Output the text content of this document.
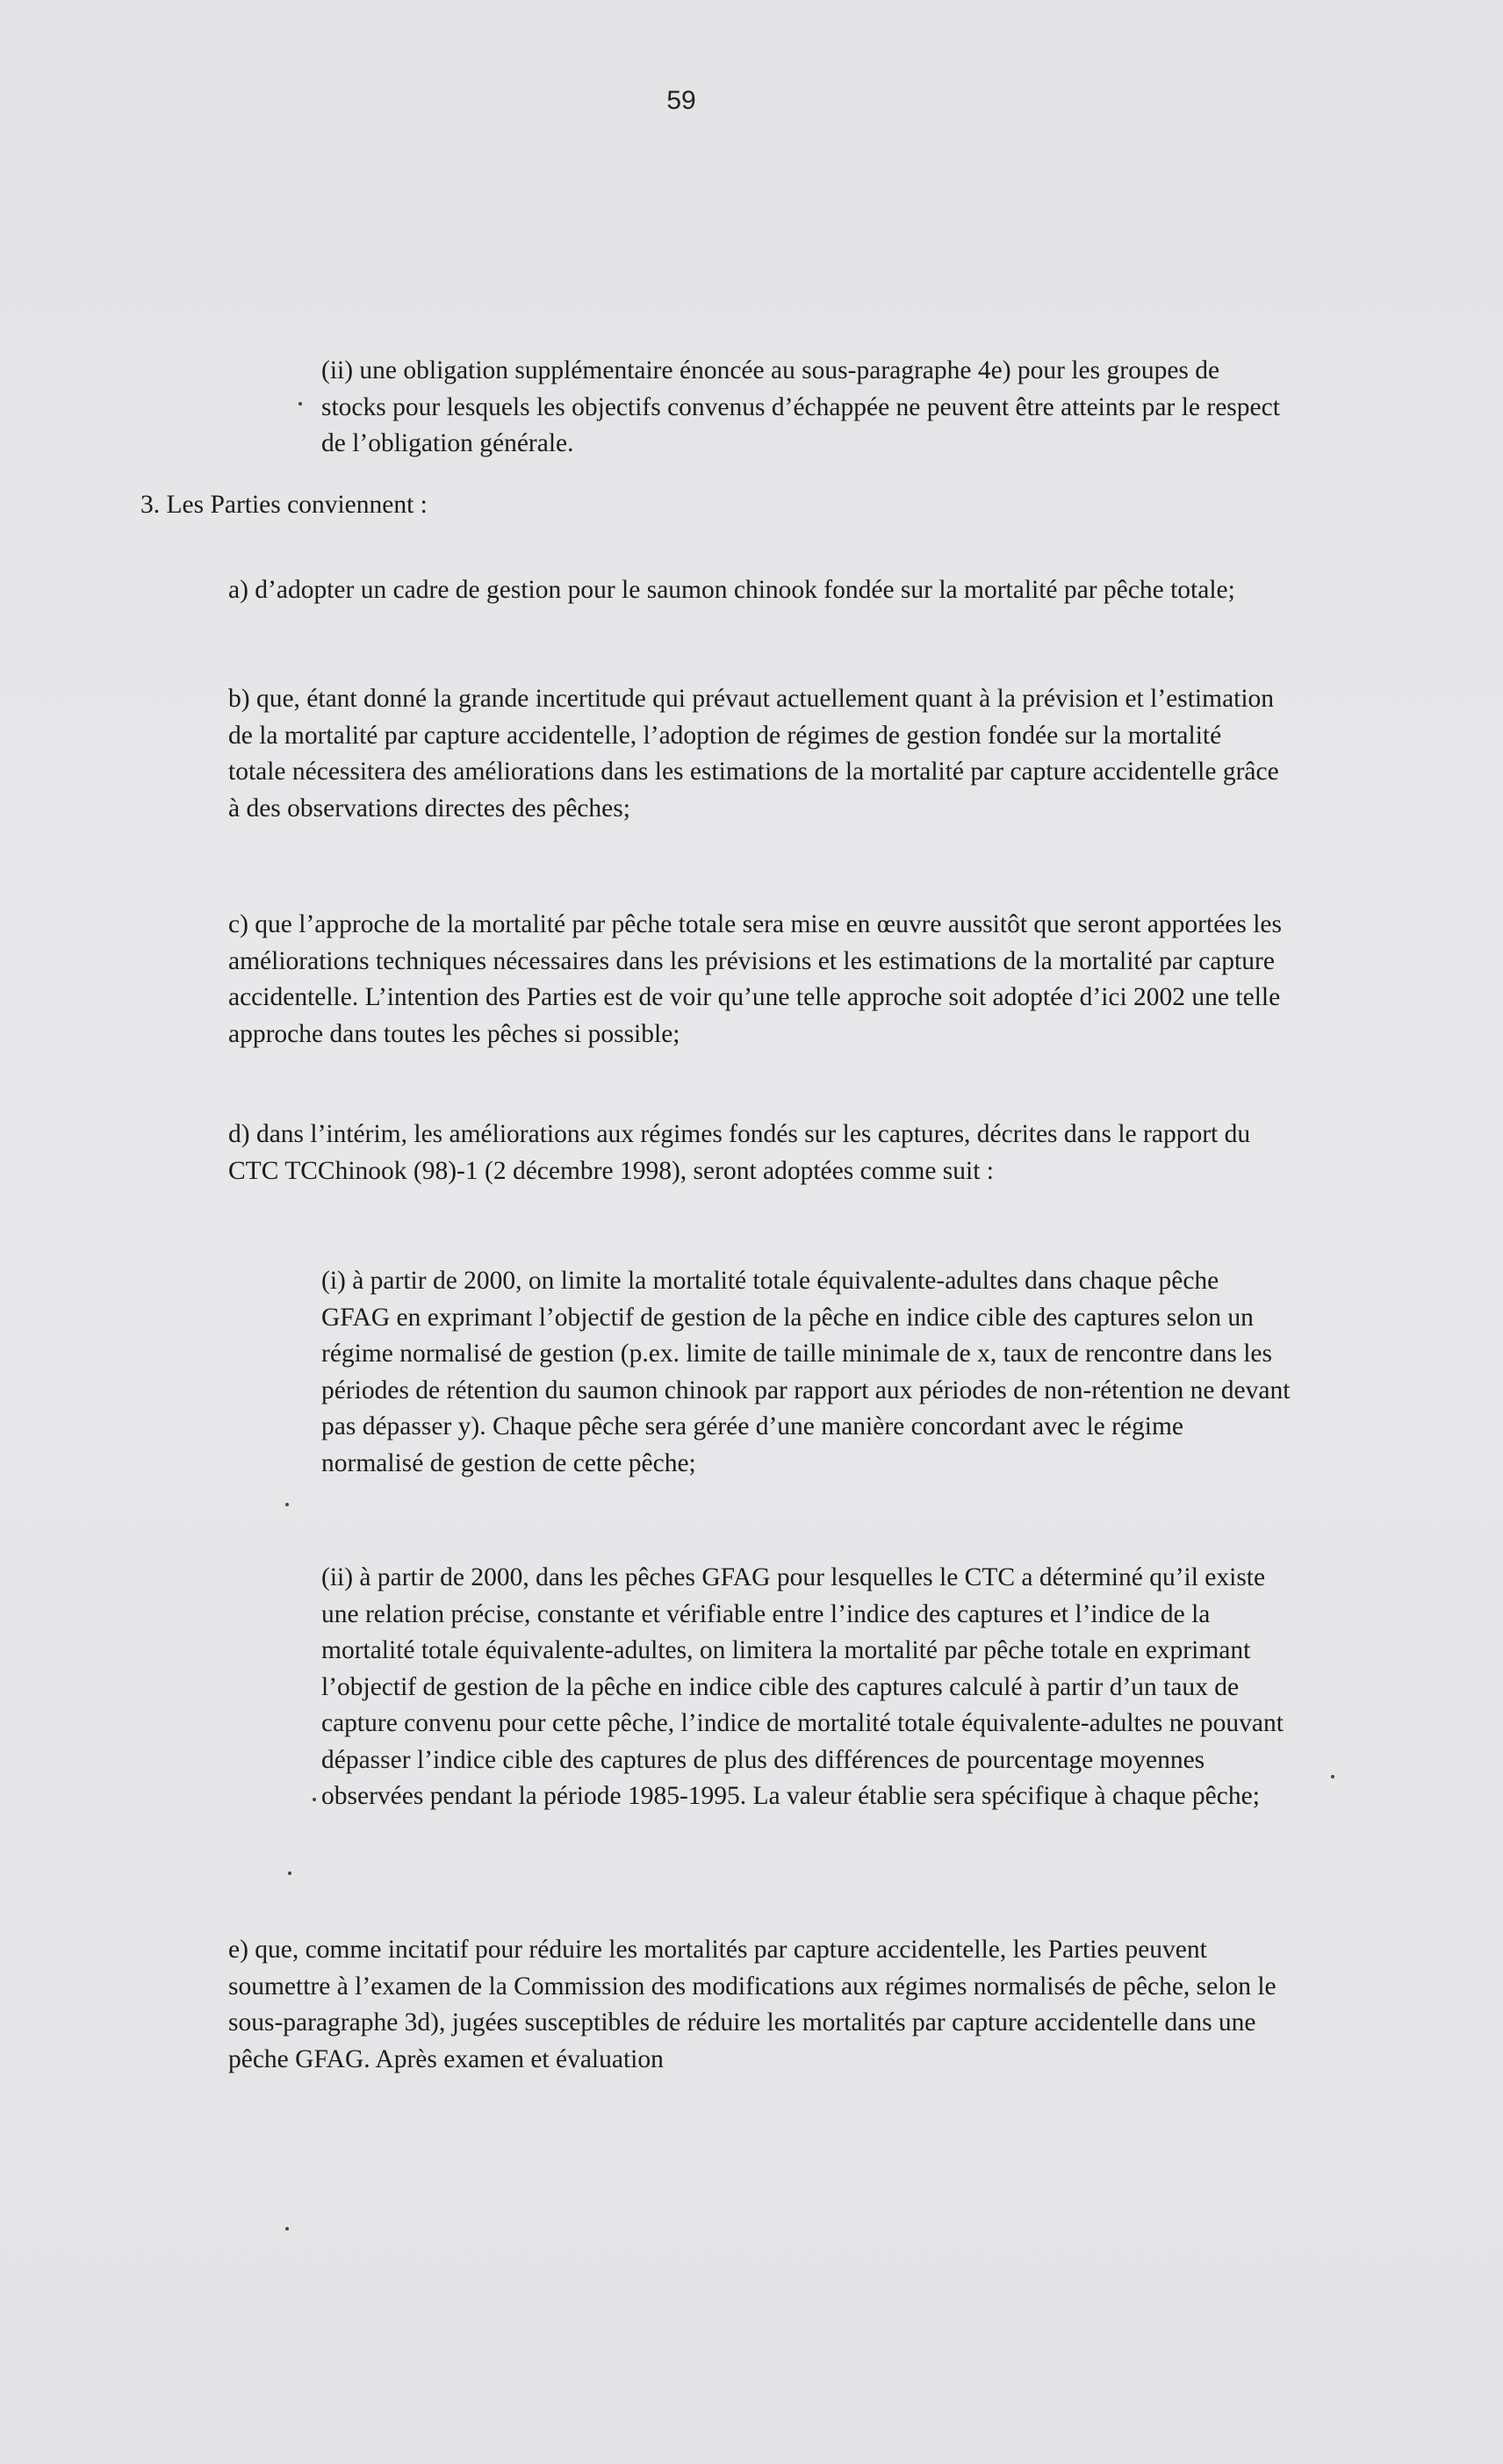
59

(ii) une obligation supplémentaire énoncée au sous-paragraphe 4e) pour les groupes de stocks pour lesquels les objectifs convenus d’échappée ne peuvent être atteints par le respect de l’obligation générale.

3. Les Parties conviennent :

a) d’adopter un cadre de gestion pour le saumon chinook fondée sur la mortalité par pêche totale;

b) que, étant donné la grande incertitude qui prévaut actuellement quant à la prévision et l’estimation de la mortalité par capture accidentelle, l’adoption de régimes de gestion fondée sur la mortalité totale nécessitera des améliorations dans les estimations de la mortalité par capture accidentelle grâce à des observations directes des pêches;

c) que l’approche de la mortalité par pêche totale sera mise en œuvre aussitôt que seront apportées les améliorations techniques nécessaires dans les prévisions et les estimations de la mortalité par capture accidentelle. L’intention des Parties est de voir qu’une telle approche soit adoptée d’ici 2002 une telle approche dans toutes les pêches si possible;

d) dans l’intérim, les améliorations aux régimes fondés sur les captures, décrites dans le rapport du CTC TCChinook (98)-1 (2 décembre 1998), seront adoptées comme suit :

(i) à partir de 2000, on limite la mortalité totale équivalente-adultes dans chaque pêche GFAG en exprimant l’objectif de gestion de la pêche en indice cible des captures selon un régime normalisé de gestion (p.ex. limite de taille minimale de x, taux de rencontre dans les périodes de rétention du saumon chinook par rapport aux périodes de non-rétention ne devant pas dépasser y). Chaque pêche sera gérée d’une manière concordant avec le régime normalisé de gestion de cette pêche;

(ii) à partir de 2000, dans les pêches GFAG pour lesquelles le CTC a déterminé qu’il existe une relation précise, constante et vérifiable entre l’indice des captures et l’indice de la mortalité totale équivalente-adultes, on limitera la mortalité par pêche totale en exprimant l’objectif de gestion de la pêche en indice cible des captures calculé à partir d’un taux de capture convenu pour cette pêche, l’indice de mortalité totale équivalente-adultes ne pouvant dépasser l’indice cible des captures de plus des différences de pourcentage moyennes observées pendant la période 1985-1995. La valeur établie sera spécifique à chaque pêche;

e) que, comme incitatif pour réduire les mortalités par capture accidentelle, les Parties peuvent soumettre à l’examen de la Commission des modifications aux régimes normalisés de pêche, selon le sous-paragraphe 3d), jugées susceptibles de réduire les mortalités par capture accidentelle dans une pêche GFAG. Après examen et évaluation
